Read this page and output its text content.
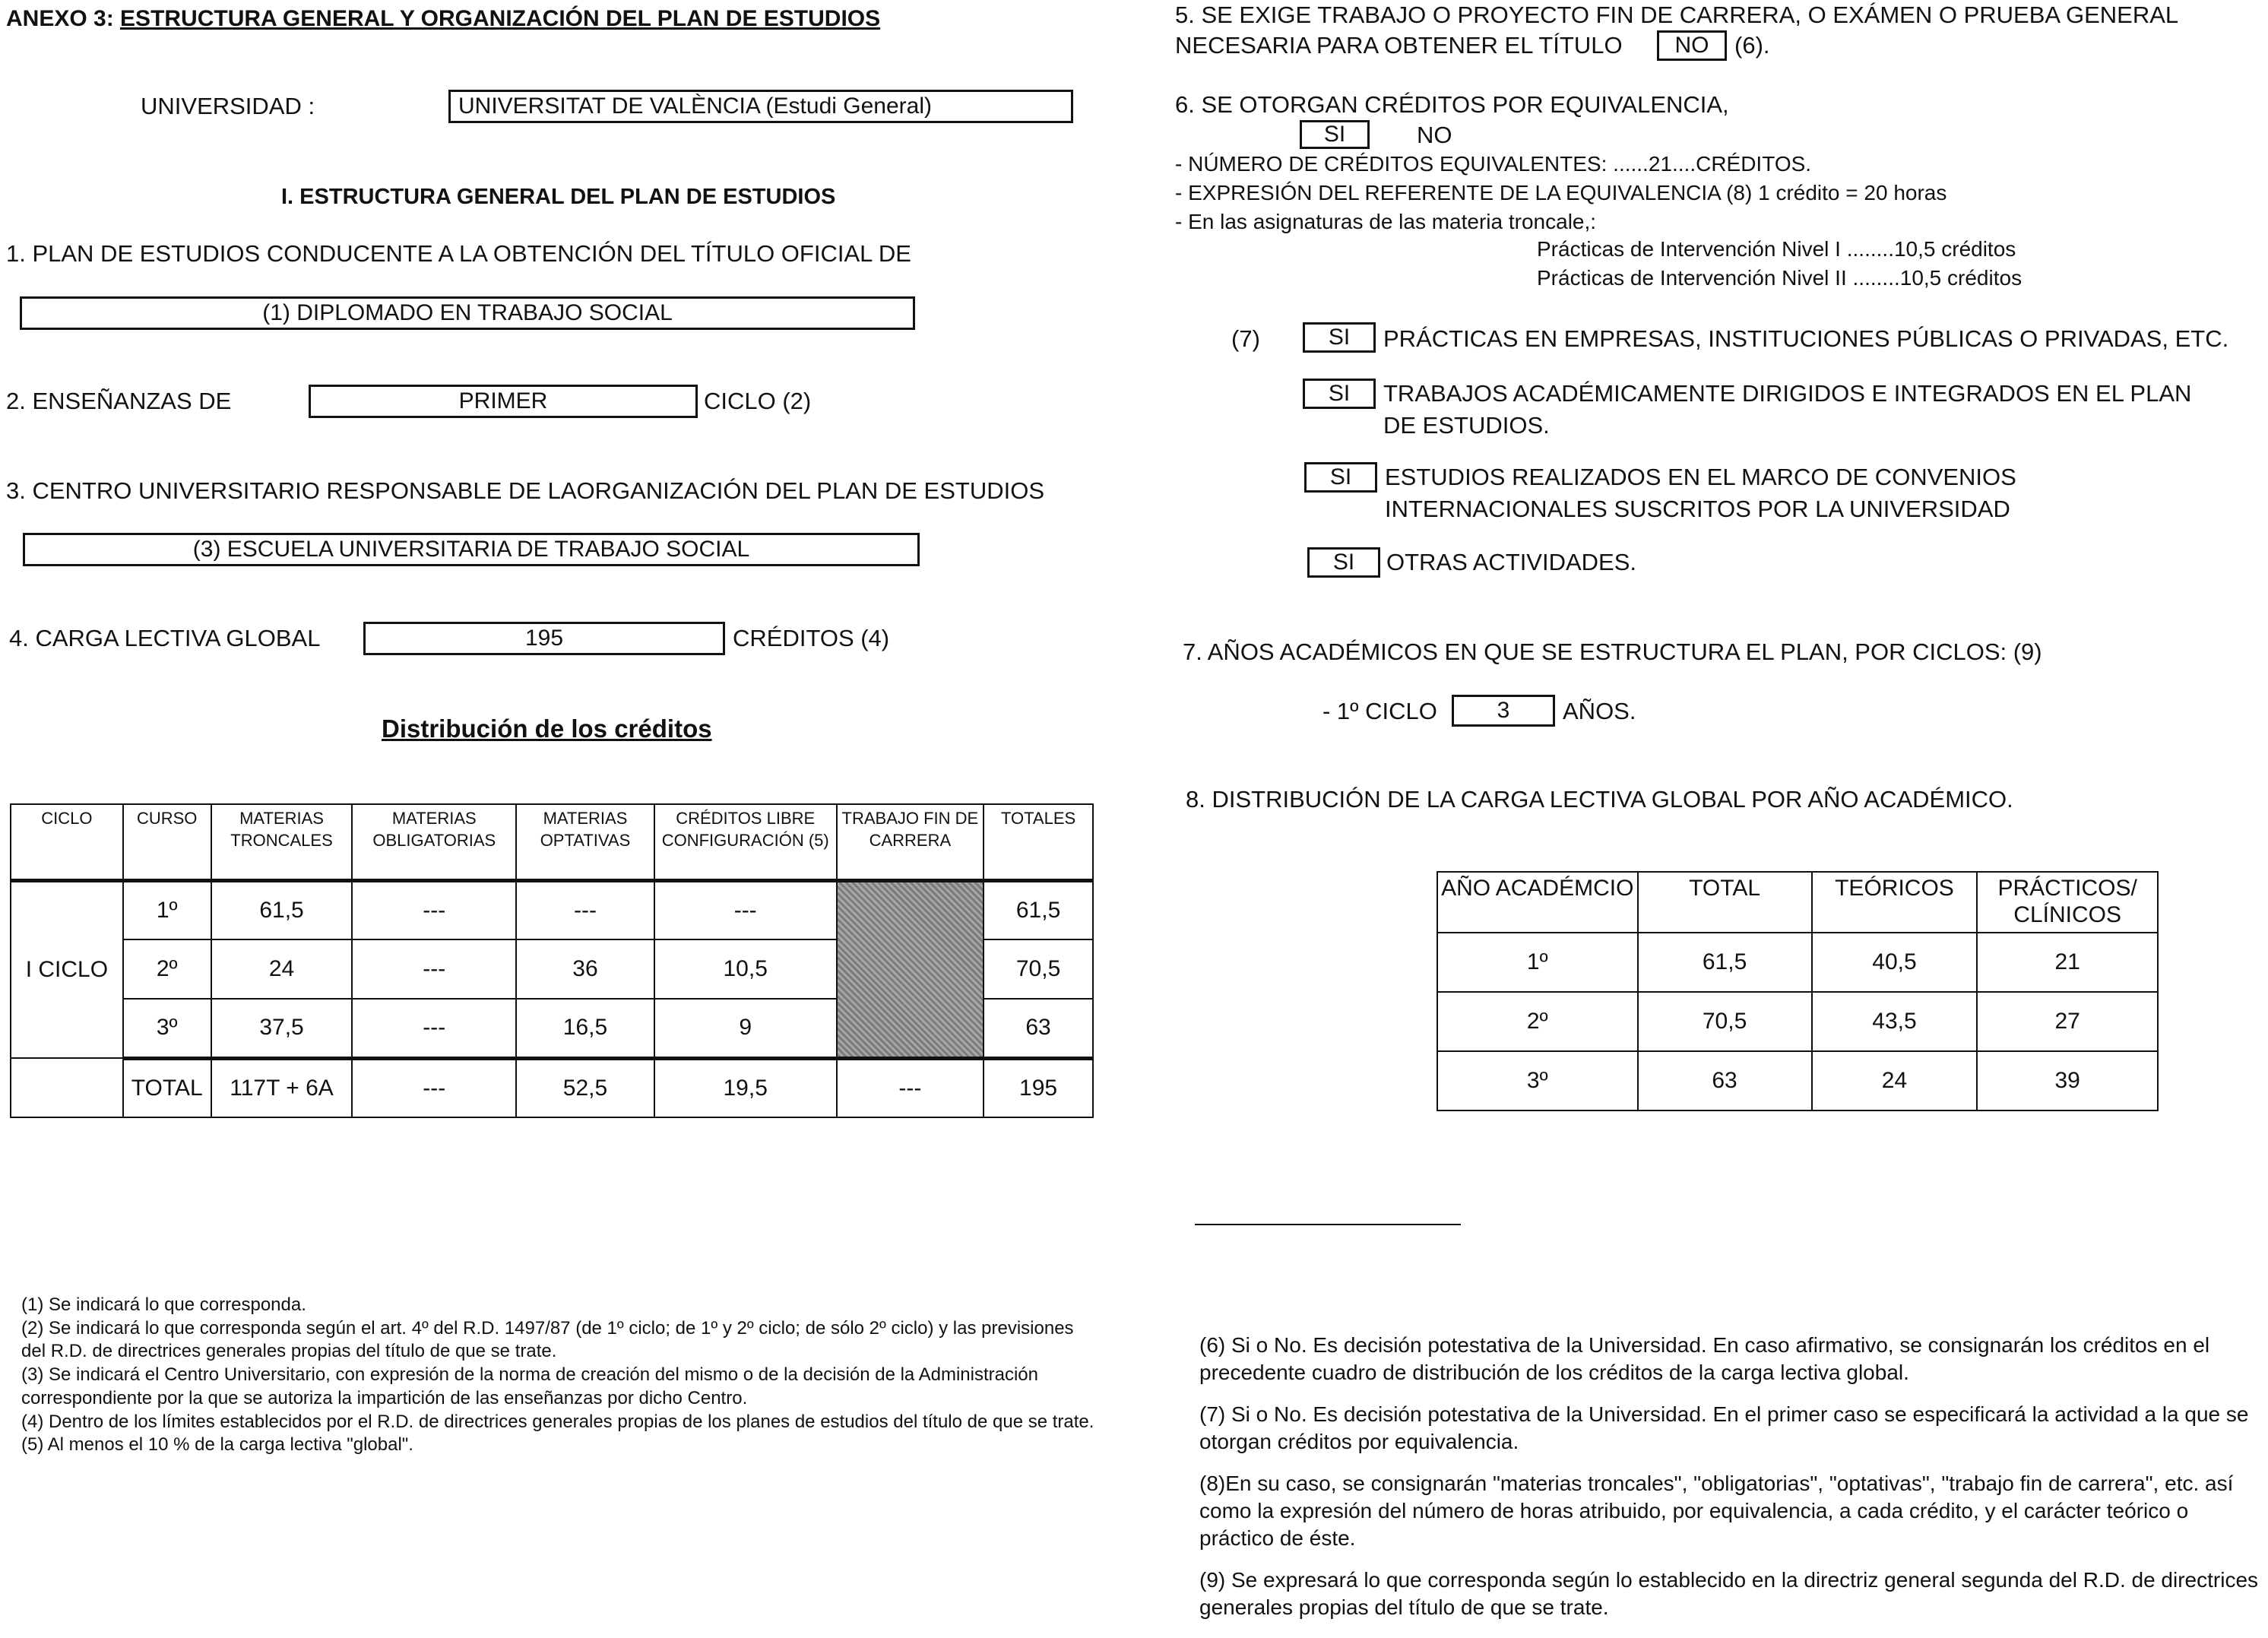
ANEXO 3: ESTRUCTURA GENERAL Y ORGANIZACIÓN DEL PLAN DE ESTUDIOS
UNIVERSIDAD :	UNIVERSITAT DE VALÈNCIA (Estudi General)
I. ESTRUCTURA GENERAL DEL PLAN DE ESTUDIOS
1. PLAN DE ESTUDIOS CONDUCENTE A LA OBTENCIÓN DEL TÍTULO OFICIAL DE
(1) DIPLOMADO EN TRABAJO SOCIAL
2. ENSEÑANZAS DE	PRIMER	CICLO (2)
3. CENTRO UNIVERSITARIO RESPONSABLE DE LAORGANIZACIÓN DEL PLAN DE ESTUDIOS
(3) ESCUELA UNIVERSITARIA DE TRABAJO SOCIAL
4. CARGA LECTIVA GLOBAL	195	CRÉDITOS (4)
Distribución de los créditos
CICLO	CURSO	MATERIAS TRONCALES	MATERIAS OBLIGATORIAS	MATERIAS OPTATIVAS	CRÉDITOS LIBRE CONFIGURACIÓN (5)	TRABAJO FIN DE CARRERA	TOTALES
I CICLO	1º	61,5	---	---	---		61,5
	2º	24	---	36	10,5		70,5
	3º	37,5	---	16,5	9		63
	TOTAL	117T + 6A	---	52,5	19,5	---	195
(1) Se indicará lo que corresponda.
(2) Se indicará lo que corresponda según el art. 4º del R.D. 1497/87 (de 1º ciclo; de 1º y 2º ciclo; de sólo 2º ciclo) y las previsiones del R.D. de directrices generales propias del título de que se trate.
(3) Se indicará el Centro Universitario, con expresión de la norma de creación del mismo o de la decisión de la Administración correspondiente por la que se autoriza la impartición de las enseñanzas por dicho Centro.
(4) Dentro de los límites establecidos por el R.D. de directrices generales propias de los planes de estudios del título de que se trate.
(5) Al menos el 10 % de la carga lectiva "global".
5. SE EXIGE TRABAJO O PROYECTO FIN DE CARRERA, O EXÁMEN O PRUEBA GENERAL
NECESARIA PARA OBTENER EL TÍTULO	NO	(6).
6. SE OTORGAN CRÉDITOS POR EQUIVALENCIA,
SI	NO
- NÚMERO DE CRÉDITOS EQUIVALENTES: ......21....CRÉDITOS.
- EXPRESIÓN DEL REFERENTE DE LA EQUIVALENCIA (8) 1 crédito = 20 horas
- En las asignaturas de las materia troncale,:
Prácticas de Intervención Nivel I ........10,5 créditos
Prácticas de Intervención Nivel II ........10,5 créditos
(7)	SI	PRÁCTICAS EN EMPRESAS, INSTITUCIONES PÚBLICAS O PRIVADAS, ETC.
SI	TRABAJOS ACADÉMICAMENTE DIRIGIDOS E INTEGRADOS EN EL PLAN
DE ESTUDIOS.
SI	ESTUDIOS REALIZADOS EN EL MARCO DE CONVENIOS
INTERNACIONALES SUSCRITOS POR LA UNIVERSIDAD
SI	OTRAS ACTIVIDADES.
7. AÑOS ACADÉMICOS EN QUE SE ESTRUCTURA EL PLAN, POR CICLOS: (9)
- 1º CICLO	3	AÑOS.
8. DISTRIBUCIÓN DE LA CARGA LECTIVA GLOBAL POR AÑO ACADÉMICO.
AÑO ACADÉMCIO	TOTAL	TEÓRICOS	PRÁCTICOS/ CLÍNICOS
1º	61,5	40,5	21
2º	70,5	43,5	27
3º	63	24	39
(6) Si o No. Es decisión potestativa de la Universidad. En caso afirmativo, se consignarán los créditos en el precedente cuadro de distribución de los créditos de la carga lectiva global.
(7) Si o No. Es decisión potestativa de la Universidad. En el primer caso se especificará la actividad a la que se otorgan créditos por equivalencia.
(8)En su caso, se consignarán "materias troncales", "obligatorias", "optativas", "trabajo fin de carrera", etc. así como la expresión del número de horas atribuido, por equivalencia, a cada crédito, y el carácter teórico o práctico de éste.
(9) Se expresará lo que corresponda según lo establecido en la directriz general segunda del R.D. de directrices generales propias del título de que se trate.
